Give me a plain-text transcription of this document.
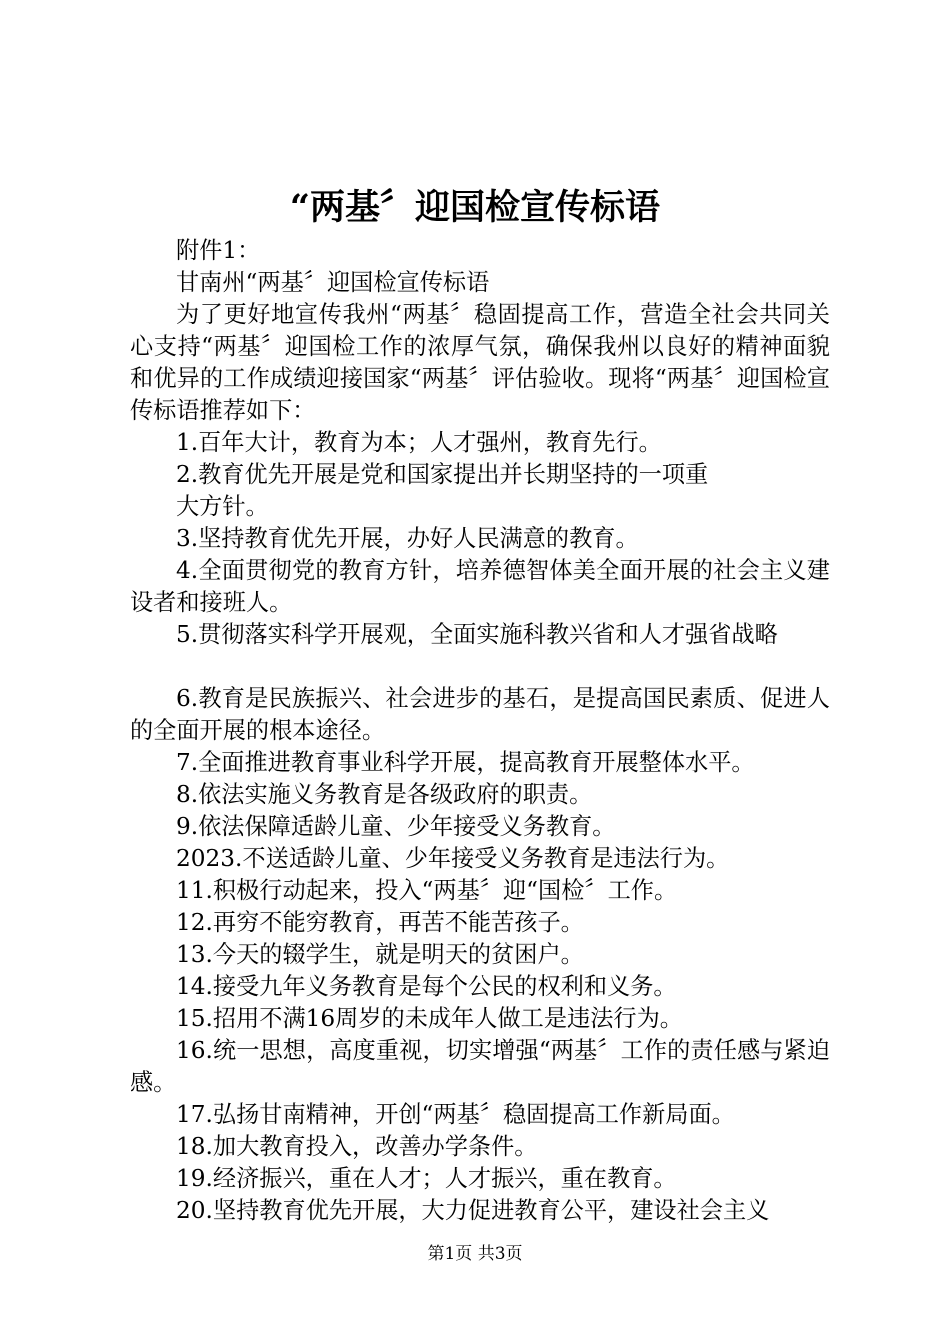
“两基〞迎国检宣传标语

附件1：

甘南州“两基〞迎国检宣传标语

为了更好地宣传我州“两基〞稳固提高工作，营造全社会共同关心支持“两基〞迎国检工作的浓厚气氛，确保我州以良好的精神面貌和优异的工作成绩迎接国家“两基〞评估验收。现将“两基〞迎国检宣传标语推荐如下：

1.百年大计，教育为本；人才强州，教育先行。

2.教育优先开展是党和国家提出并长期坚持的一项重

大方针。

3.坚持教育优先开展，办好人民满意的教育。

4.全面贯彻党的教育方针，培养德智体美全面开展的社会主义建设者和接班人。

5.贯彻落实科学开展观，全面实施科教兴省和人才强省战略

6.教育是民族振兴、社会进步的基石，是提高国民素质、促进人的全面开展的根本途径。

7.全面推进教育事业科学开展，提高教育开展整体水平。

8.依法实施义务教育是各级政府的职责。

9.依法保障适龄儿童、少年接受义务教育。

2023.不送适龄儿童、少年接受义务教育是违法行为。

11.积极行动起来，投入“两基〞迎“国检〞工作。

12.再穷不能穷教育，再苦不能苦孩子。

13.今天的辍学生，就是明天的贫困户。

14.接受九年义务教育是每个公民的权利和义务。

15.招用不满16周岁的未成年人做工是违法行为。

16.统一思想，高度重视，切实增强“两基〞工作的责任感与紧迫感。

17.弘扬甘南精神，开创“两基〞稳固提高工作新局面。

18.加大教育投入，改善办学条件。

19.经济振兴，重在人才；人才振兴，重在教育。

20.坚持教育优先开展，大力促进教育公平，建设社会主义

第1页 共3页
